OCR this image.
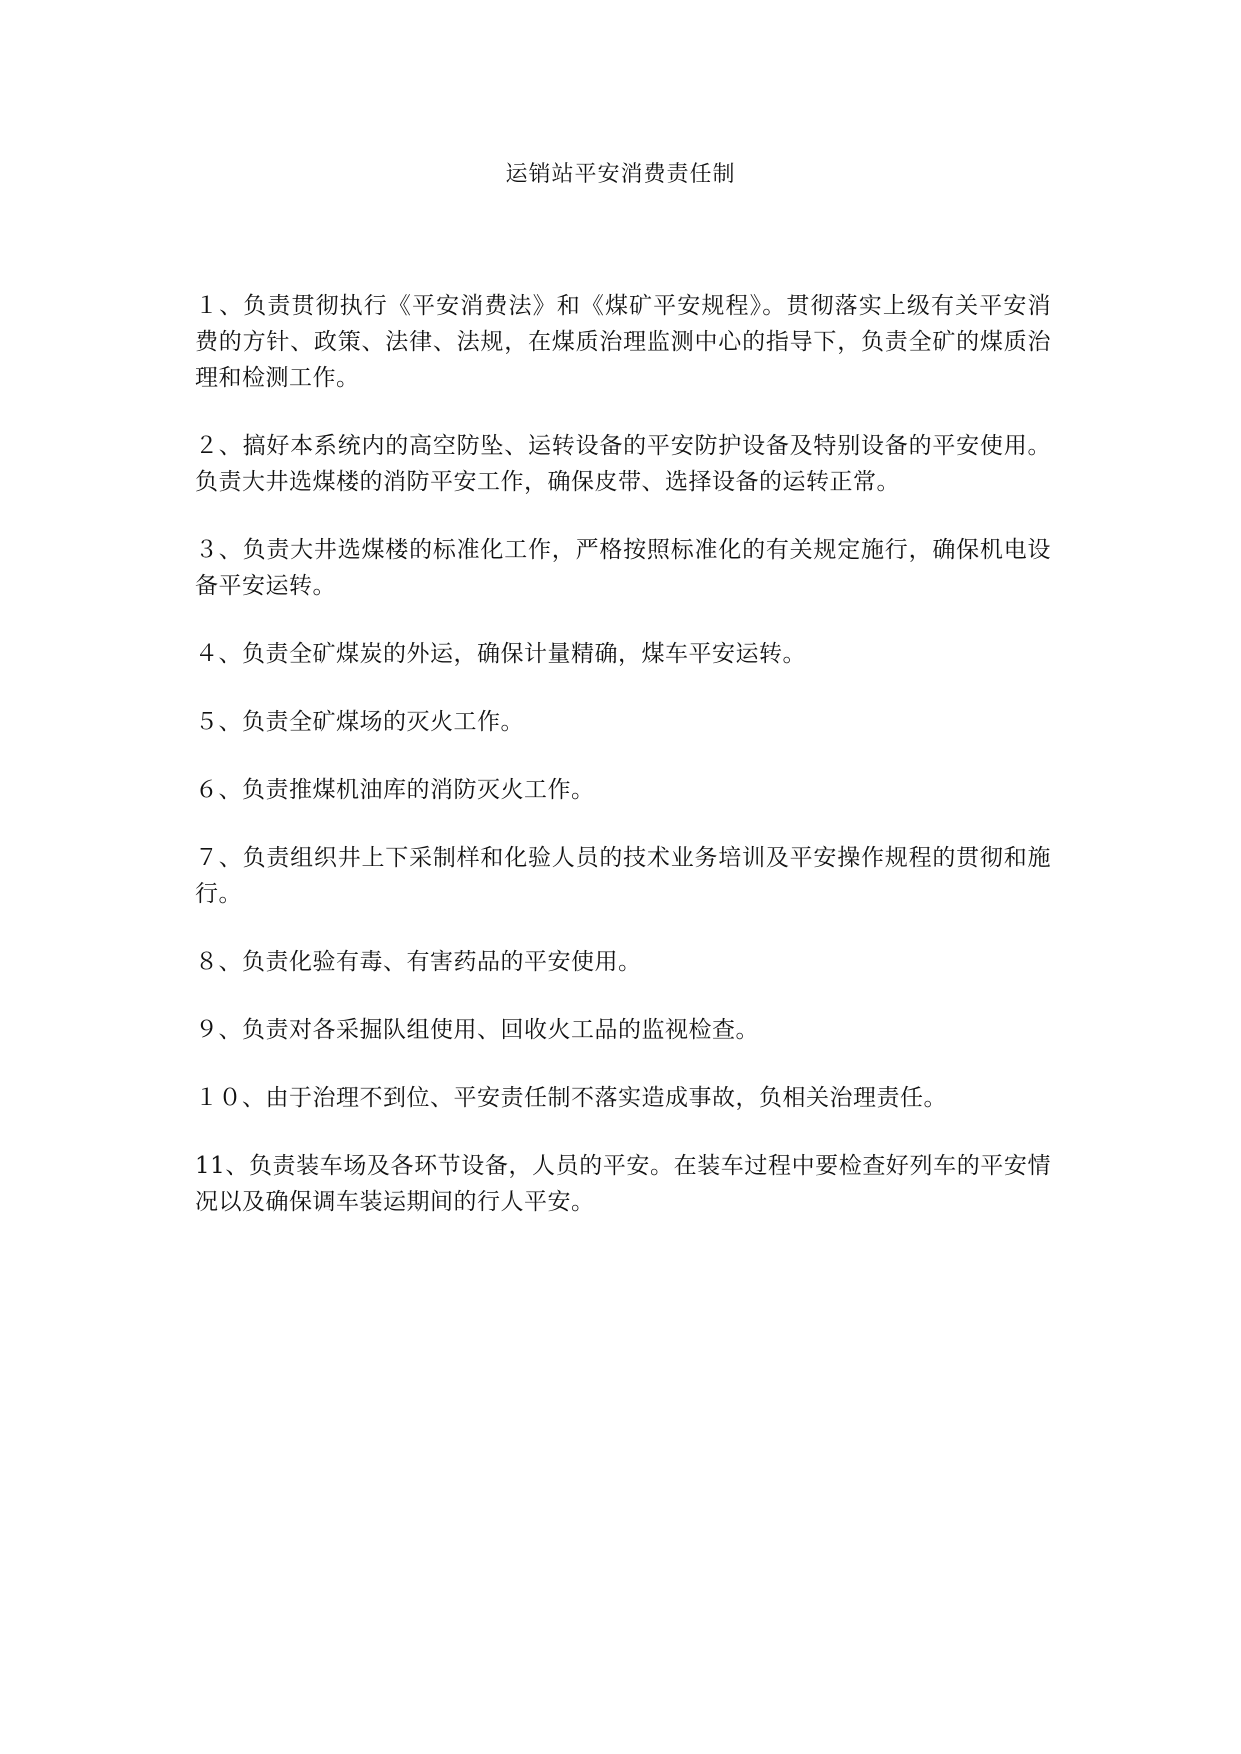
运销站平安消费责任制

１、负责贯彻执行《平安消费法》和《煤矿平安规程》。贯彻落实上级有关平安消费的方针、政策、法律、法规，在煤质治理监测中心的指导下，负责全矿的煤质治理和检测工作。

２、搞好本系统内的高空防坠、运转设备的平安防护设备及特别设备的平安使用。负责大井选煤楼的消防平安工作，确保皮带、选择设备的运转正常。

３、负责大井选煤楼的标准化工作，严格按照标准化的有关规定施行，确保机电设备平安运转。

４、负责全矿煤炭的外运，确保计量精确，煤车平安运转。

５、负责全矿煤场的灭火工作。

６、负责推煤机油库的消防灭火工作。

７、负责组织井上下采制样和化验人员的技术业务培训及平安操作规程的贯彻和施行。

８、负责化验有毒、有害药品的平安使用。

９、负责对各采掘队组使用、回收火工品的监视检查。

１０、由于治理不到位、平安责任制不落实造成事故，负相关治理责任。

11、负责装车场及各环节设备，人员的平安。在装车过程中要检查好列车的平安情况以及确保调车装运期间的行人平安。
